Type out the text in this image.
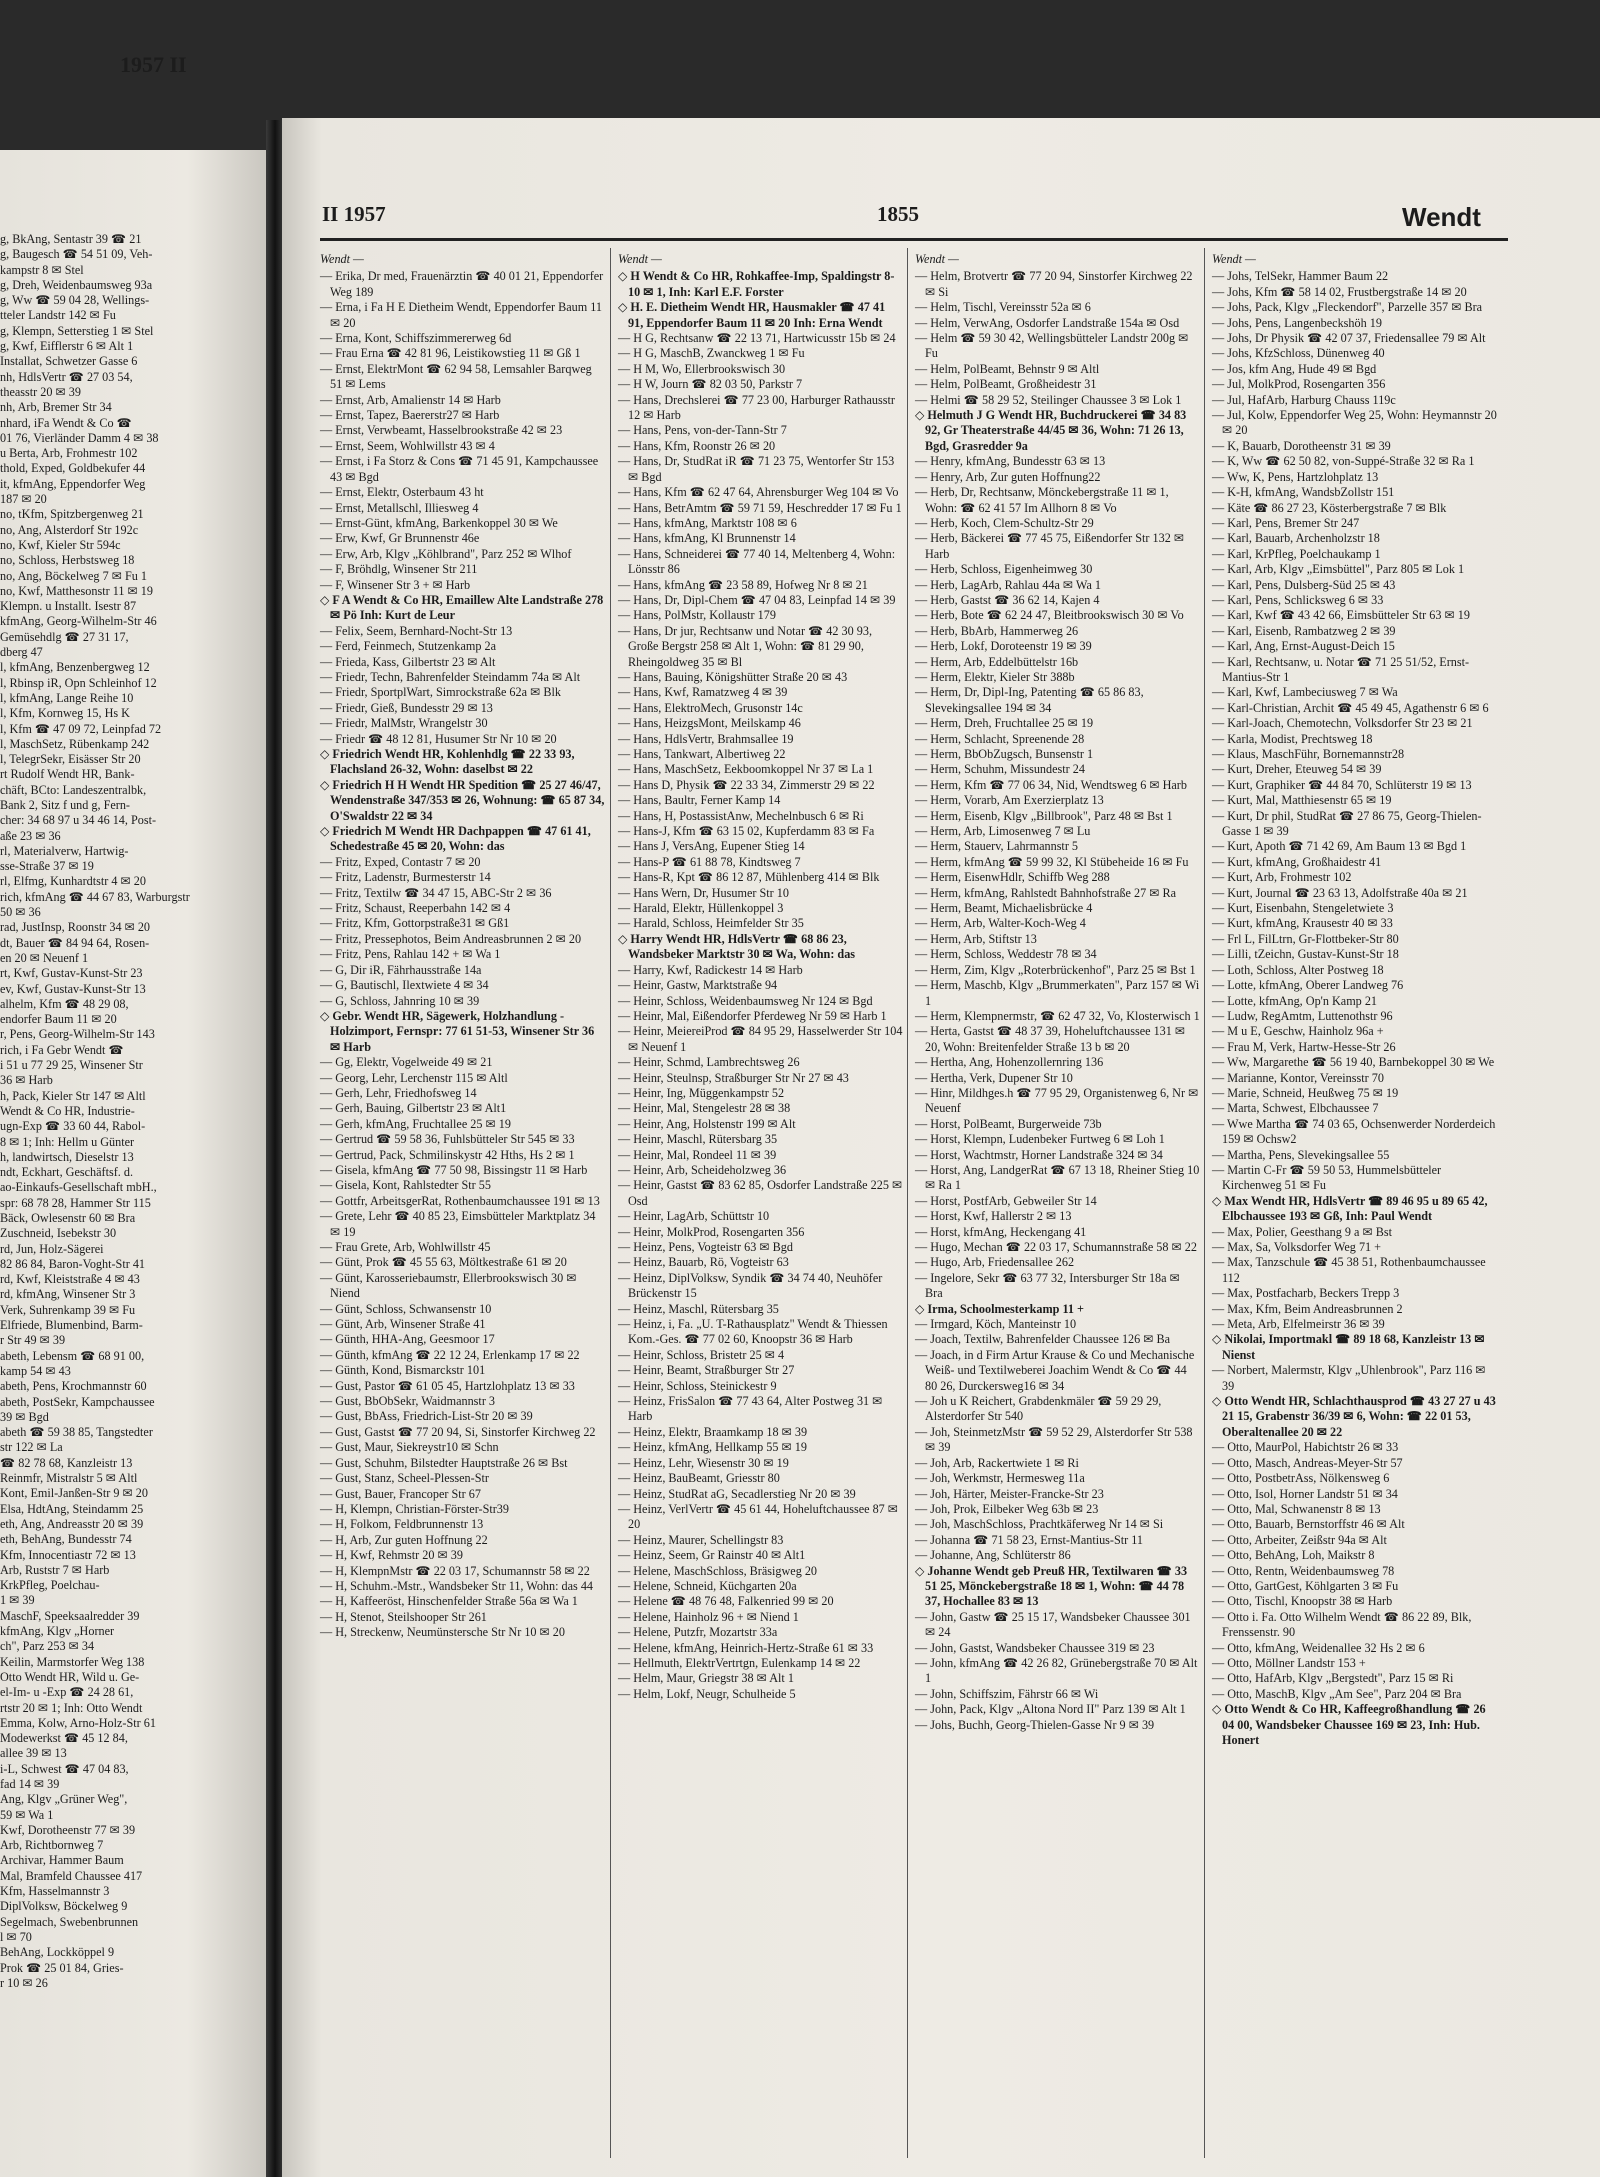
1957 II
g, BkAng, Sentastr 39 ☎ 21
g, Baugesch ☎ 54 51 09, Veh-
kampstr 8 ✉ Stel
g, Dreh, Weidenbaumsweg 93a
g, Ww ☎ 59 04 28, Wellings-
tteler Landstr 142 ✉ Fu
g, Klempn, Setterstieg 1 ✉ Stel
g, Kwf, Eifflerstr 6 ✉ Alt 1
Installat, Schwetzer Gasse 6
nh, HdlsVertr ☎ 27 03 54,
theasstr 20 ✉ 39
nh, Arb, Bremer Str 34
nhard, iFa Wendt & Co ☎
01 76, Vierländer Damm 4 ✉ 38
u Berta, Arb, Frohmestr 102
thold, Exped, Goldbekufer 44
it, kfmAng, Eppendorfer Weg
187 ✉ 20
no, tKfm, Spitzbergenweg 21
no, Ang, Alsterdorf Str 192c
no, Kwf, Kieler Str 594c
no, Schloss, Herbstsweg 18
no, Ang, Böckelweg 7 ✉ Fu 1
no, Kwf, Matthesonstr 11 ✉ 19
Klempn. u Installt. Isestr 87
kfmAng, Georg-Wilhelm-Str 46
Gemüsehdlg ☎ 27 31 17,
dberg 47
l, kfmAng, Benzenbergweg 12
l, Rbinsp iR, Opn Schleinhof 12
l, kfmAng, Lange Reihe 10
l, Kfm, Kornweg 15, Hs K
l, Kfm ☎ 47 09 72, Leinpfad 72
l, MaschSetz, Rübenkamp 242
l, TelegrSekr, Eisässer Str 20
rt Rudolf Wendt HR, Bank-
chäft, BCto: Landeszentralbk,
Bank 2, Sitz f und g, Fern-
cher: 34 68 97 u 34 46 14, Post-
aße 23 ✉ 36
rl, Materialverw, Hartwig-
sse-Straße 37 ✉ 19
rl, Elfmg, Kunhardtstr 4 ✉ 20
rich, kfmAng ☎ 44 67 83, Warburgstr
50 ✉ 36
rad, JustInsp, Roonstr 34 ✉ 20
dt, Bauer ☎ 84 94 64, Rosen-
en 20 ✉ Neuenf 1
rt, Kwf, Gustav-Kunst-Str 23
ev, Kwf, Gustav-Kunst-Str 13
alhelm, Kfm ☎ 48 29 08,
endorfer Baum 11 ✉ 20
r, Pens, Georg-Wilhelm-Str 143
rich, i Fa Gebr Wendt ☎
i 51 u 77 29 25, Winsener Str
36 ✉ Harb
h, Pack, Kieler Str 147 ✉ Altl
Wendt & Co HR, Industrie-
ugn-Exp ☎ 33 60 44, Rabol-
8 ✉ 1; Inh: Hellm u Günter
h, landwirtsch, Dieselstr 13
ndt, Eckhart, Geschäftsf. d.
ao-Einkaufs-Gesellschaft mbH.,
spr: 68 78 28, Hammer Str 115
Bäck, Owlesenstr 60 ✉ Bra
Zuschneid, Isebekstr 30
rd, Jun, Holz-Sägerei
82 86 84, Baron-Voght-Str 41
rd, Kwf, Kleiststraße 4 ✉ 43
rd, kfmAng, Winsener Str 3
Verk, Suhrenkamp 39 ✉ Fu
Elfriede, Blumenbind, Barm-
r Str 49 ✉ 39
abeth, Lebensm ☎ 68 91 00,
kamp 54 ✉ 43
abeth, Pens, Krochmannstr 60
abeth, PostSekr, Kampchaussee
39 ✉ Bgd
abeth ☎ 59 38 85, Tangstedter
str 122 ✉ La
☎ 82 78 68, Kanzleistr 13
Reinmfr, Mistralstr 5 ✉ Altl
Kont, Emil-Janßen-Str 9 ✉ 20
Elsa, HdtAng, Steindamm 25
eth, Ang, Andreasstr 20 ✉ 39
eth, BehAng, Bundesstr 74
Kfm, Innocentiastr 72 ✉ 13
Arb, Ruststr 7 ✉ Harb
KrkPfleg, Poelchau-
1 ✉ 39
MaschF, Speeksaalredder 39
kfmAng, Klgv „Horner
ch", Parz 253 ✉ 34
Keilin, Marmstorfer Weg 138
Otto Wendt HR, Wild u. Ge-
el-Im- u -Exp ☎ 24 28 61,
rtstr 20 ✉ 1; Inh: Otto Wendt
Emma, Kolw, Arno-Holz-Str 61
Modewerkst ☎ 45 12 84,
allee 39 ✉ 13
i-L, Schwest ☎ 47 04 83,
fad 14 ✉ 39
Ang, Klgv „Grüner Weg",
59 ✉ Wa 1
Kwf, Dorotheenstr 77 ✉ 39
Arb, Richtbornweg 7
Archivar, Hammer Baum
Mal, Bramfeld Chaussee 417
Kfm, Hasselmannstr 3
DiplVolksw, Böckelweg 9
Segelmach, Swebenbrunnen
l ✉ 70
BehAng, Lockköppel 9
Prok ☎ 25 01 84, Gries-
r 10 ✉ 26
II 1957	1855	Wendt
Wendt —
— Erika, Dr med, Frauenärztin ☎ 40 01 21, Eppendorfer Weg 189
— Erna, i Fa H E Dietheim Wendt, Eppendorfer Baum 11 ✉ 20
— Erna, Kont, Schiffszimmererweg 6d
— Frau Erna ☎ 42 81 96, Leistikowstieg 11 ✉ Gß 1
— Ernst, ElektrMont ☎ 62 94 58, Lemsahler Barqweg 51 ✉ Lems
— Ernst, Arb, Amalienstr 14 ✉ Harb
— Ernst, Tapez, Baererstr27 ✉ Harb
— Ernst, Verwbeamt, Hasselbrookstraße 42 ✉ 23
— Ernst, Seem, Wohlwillstr 43 ✉ 4
— Ernst, i Fa Storz & Cons ☎ 71 45 91, Kampchaussee 43 ✉ Bgd
— Ernst, Elektr, Osterbaum 43 ht
— Ernst, Metallschl, Illiesweg 4
— Ernst-Günt, kfmAng, Barkenkoppel 30 ✉ We
— Erw, Kwf, Gr Brunnenstr 46e
— Erw, Arb, Klgv „Köhlbrand", Parz 252 ✉ Wlhof
— F, Bröhdlg, Winsener Str 211
— F, Winsener Str 3 + ✉ Harb
◇ F A Wendt & Co HR, Emaillew Alte Landstraße 278 ✉ Pö Inh: Kurt de Leur
— Felix, Seem, Bernhard-Nocht-Str 13
— Ferd, Feinmech, Stutzenkamp 2a
— Frieda, Kass, Gilbertstr 23 ✉ Alt
— Friedr, Techn, Bahrenfelder Steindamm 74a ✉ Alt
— Friedr, SportplWart, Simrockstraße 62a ✉ Blk
— Friedr, Gieß, Bundesstr 29 ✉ 13
— Friedr, MalMstr, Wrangelstr 30
— Friedr ☎ 48 12 81, Husumer Str Nr 10 ✉ 20
◇ Friedrich Wendt HR, Kohlenhdlg ☎ 22 33 93, Flachsland 26-32, Wohn: daselbst ✉ 22
◇ Friedrich H H Wendt HR Spedition ☎ 25 27 46/47, Wendenstraße 347/353 ✉ 26, Wohnung: ☎ 65 87 34, O'Swaldstr 22 ✉ 34
◇ Friedrich M Wendt HR Dachpappen ☎ 47 61 41, Schedestraße 45 ✉ 20, Wohn: das
— Fritz, Exped, Contastr 7 ✉ 20
— Fritz, Ladenstr, Burmesterstr 14
— Fritz, Textilw ☎ 34 47 15, ABC-Str 2 ✉ 36
— Fritz, Schaust, Reeperbahn 142 ✉ 4
— Fritz, Kfm, Gottorpstraße31 ✉ Gß1
— Fritz, Pressephotos, Beim Andreasbrunnen 2 ✉ 20
— Fritz, Pens, Rahlau 142 + ✉ Wa 1
— G, Dir iR, Fährhausstraße 14a
— G, Bautischl, Ilextwiete 4 ✉ 34
— G, Schloss, Jahnring 10 ✉ 39
◇ Gebr. Wendt HR, Sägewerk, Holzhandlung - Holzimport, Fernspr: 77 61 51-53, Winsener Str 36 ✉ Harb
— Gg, Elektr, Vogelweide 49 ✉ 21
— Georg, Lehr, Lerchenstr 115 ✉ Altl
— Gerh, Lehr, Friedhofsweg 14
— Gerh, Bauing, Gilbertstr 23 ✉ Alt1
— Gerh, kfmAng, Fruchtallee 25 ✉ 19
— Gertrud ☎ 59 58 36, Fuhlsbütteler Str 545 ✉ 33
— Gertrud, Pack, Schmilinskystr 42 Hths, Hs 2 ✉ 1
— Gisela, kfmAng ☎ 77 50 98, Bissingstr 11 ✉ Harb
— Gisela, Kont, Rahlstedter Str 55
— Gottfr, ArbeitsgerRat, Rothenbaumchaussee 191 ✉ 13
— Grete, Lehr ☎ 40 85 23, Eimsbütteler Marktplatz 34 ✉ 19
— Frau Grete, Arb, Wohlwillstr 45
— Günt, Prok ☎ 45 55 63, Möltkestraße 61 ✉ 20
— Günt, Karosseriebaumstr, Ellerbrookswisch 30 ✉ Niend
— Günt, Schloss, Schwansenstr 10
— Günt, Arb, Winsener Straße 41
— Günth, HHA-Ang, Geesmoor 17
— Günth, kfmAng ☎ 22 12 24, Erlenkamp 17 ✉ 22
— Günth, Kond, Bismarckstr 101
— Gust, Pastor ☎ 61 05 45, Hartzlohplatz 13 ✉ 33
— Gust, BbObSekr, Waidmannstr 3
— Gust, BbAss, Friedrich-List-Str 20 ✉ 39
— Gust, Gastst ☎ 77 20 94, Si, Sinstorfer Kirchweg 22
— Gust, Maur, Siekreystr10 ✉ Schn
— Gust, Schuhm, Bilstedter Hauptstraße 26 ✉ Bst
— Gust, Stanz, Scheel-Plessen-Str
— Gust, Bauer, Francoper Str 67
— H, Klempn, Christian-Förster-Str39
— H, Folkom, Feldbrunnenstr 13
— H, Arb, Zur guten Hoffnung 22
— H, Kwf, Rehmstr 20 ✉ 39
— H, KlempnMstr ☎ 22 03 17, Schumannstr 58 ✉ 22
— H, Schuhm.-Mstr., Wandsbeker Str 11, Wohn: das 44
— H, Kaffeeröst, Hinschenfelder Straße 56a ✉ Wa 1
— H, Stenot, Steilshooper Str 261
— H, Streckenw, Neumünstersche Str Nr 10 ✉ 20
Wendt —
◇ H Wendt & Co HR, Rohkaffee-Imp, Spaldingstr 8-10 ✉ 1, Inh: Karl E.F. Forster
◇ H. E. Dietheim Wendt HR, Hausmakler ☎ 47 41 91, Eppendorfer Baum 11 ✉ 20 Inh: Erna Wendt
— H G, Rechtsanw ☎ 22 13 71, Hartwicusstr 15b ✉ 24
— H G, MaschB, Zwanckweg 1 ✉ Fu
— H M, Wo, Ellerbrookswisch 30
— H W, Journ ☎ 82 03 50, Parkstr 7
— Hans, Drechslerei ☎ 77 23 00, Harburger Rathausstr 12 ✉ Harb
— Hans, Pens, von-der-Tann-Str 7
— Hans, Kfm, Roonstr 26 ✉ 20
— Hans, Dr, StudRat iR ☎ 71 23 75, Wentorfer Str 153 ✉ Bgd
— Hans, Kfm ☎ 62 47 64, Ahrensburger Weg 104 ✉ Vo
— Hans, BetrAmtm ☎ 59 71 59, Heschredder 17 ✉ Fu 1
— Hans, kfmAng, Marktstr 108 ✉ 6
— Hans, kfmAng, Kl Brunnenstr 14
— Hans, Schneiderei ☎ 77 40 14, Meltenberg 4, Wohn: Lönsstr 86
— Hans, kfmAng ☎ 23 58 89, Hofweg Nr 8 ✉ 21
— Hans, Dr, Dipl-Chem ☎ 47 04 83, Leinpfad 14 ✉ 39
— Hans, PolMstr, Kollaustr 179
— Hans, Dr jur, Rechtsanw und Notar ☎ 42 30 93, Große Bergstr 258 ✉ Alt 1, Wohn: ☎ 81 29 90, Rheingoldweg 35 ✉ Bl
— Hans, Bauing, Königshütter Straße 20 ✉ 43
— Hans, Kwf, Ramatzweg 4 ✉ 39
— Hans, ElektroMech, Grusonstr 14c
— Hans, HeizgsMont, Meilskamp 46
— Hans, HdlsVertr, Brahmsallee 19
— Hans, Tankwart, Albertiweg 22
— Hans, MaschSetz, Eekboomkoppel Nr 37 ✉ La 1
— Hans D, Physik ☎ 22 33 34, Zimmerstr 29 ✉ 22
— Hans, Baultr, Ferner Kamp 14
— Hans, H, PostassistAnw, Mechelnbusch 6 ✉ Ri
— Hans-J, Kfm ☎ 63 15 02, Kupferdamm 83 ✉ Fa
— Hans J, VersAng, Eupener Stieg 14
— Hans-P ☎ 61 88 78, Kindtsweg 7
— Hans-R, Kpt ☎ 86 12 87, Mühlenberg 414 ✉ Blk
— Hans Wern, Dr, Husumer Str 10
— Harald, Elektr, Hüllenkoppel 3
— Harald, Schloss, Heimfelder Str 35
◇ Harry Wendt HR, HdlsVertr ☎ 68 86 23, Wandsbeker Marktstr 30 ✉ Wa, Wohn: das
— Harry, Kwf, Radickestr 14 ✉ Harb
— Heinr, Gastw, Marktstraße 94
— Heinr, Schloss, Weidenbaumsweg Nr 124 ✉ Bgd
— Heinr, Mal, Eißendorfer Pferdeweg Nr 59 ✉ Harb 1
— Heinr, MeiereiProd ☎ 84 95 29, Hasselwerder Str 104 ✉ Neuenf 1
— Heinr, Schmd, Lambrechtsweg 26
— Heinr, Steulnsp, Straßburger Str Nr 27 ✉ 43
— Heinr, Ing, Müggenkampstr 52
— Heinr, Mal, Stengelestr 28 ✉ 38
— Heinr, Ang, Holstenstr 199 ✉ Alt
— Heinr, Maschl, Rütersbarg 35
— Heinr, Mal, Rondeel 11 ✉ 39
— Heinr, Arb, Scheideholzweg 36
— Heinr, Gastst ☎ 83 62 85, Osdorfer Landstraße 225 ✉ Osd
— Heinr, LagArb, Schüttstr 10
— Heinr, MolkProd, Rosengarten 356
— Heinz, Pens, Vogteistr 63 ✉ Bgd
— Heinz, Bauarb, Rö, Vogteistr 63
— Heinz, DiplVolksw, Syndik ☎ 34 74 40, Neuhöfer Brückenstr 15
— Heinz, Maschl, Rütersbarg 35
— Heinz, i, Fa. „U. T-Rathausplatz" Wendt & Thiessen Kom.-Ges. ☎ 77 02 60, Knoopstr 36 ✉ Harb
— Heinr, Schloss, Bristetr 25 ✉ 4
— Heinr, Beamt, Straßburger Str 27
— Heinr, Schloss, Steinickestr 9
— Heinz, FrisSalon ☎ 77 43 64, Alter Postweg 31 ✉ Harb
— Heinz, Elektr, Braamkamp 18 ✉ 39
— Heinz, kfmAng, Hellkamp 55 ✉ 19
— Heinz, Lehr, Wiesenstr 30 ✉ 19
— Heinz, BauBeamt, Griesstr 80
— Heinz, StudRat aG, Secadlerstieg Nr 20 ✉ 39
— Heinz, VerlVertr ☎ 45 61 44, Hoheluftchaussee 87 ✉ 20
— Heinz, Maurer, Schellingstr 83
— Heinz, Seem, Gr Rainstr 40 ✉ Alt1
— Helene, MaschSchloss, Bräsigweg 20
— Helene, Schneid, Küchgarten 20a
— Helene ☎ 48 76 48, Falkenried 99 ✉ 20
— Helene, Hainholz 96 + ✉ Niend 1
— Helene, Putzfr, Mozartstr 33a
— Helene, kfmAng, Heinrich-Hertz-Straße 61 ✉ 33
— Hellmuth, ElektrVertrtgn, Eulenkamp 14 ✉ 22
— Helm, Maur, Griegstr 38 ✉ Alt 1
— Helm, Lokf, Neugr, Schulheide 5
Wendt —
— Helm, Brotvertr ☎ 77 20 94, Sinstorfer Kirchweg 22 ✉ Si
— Helm, Tischl, Vereinsstr 52a ✉ 6
— Helm, VerwAng, Osdorfer Landstraße 154a ✉ Osd
— Helm ☎ 59 30 42, Wellingsbütteler Landstr 200g ✉ Fu
— Helm, PolBeamt, Behnstr 9 ✉ Altl
— Helm, PolBeamt, Großheidestr 31
— Helmi ☎ 58 29 52, Steilinger Chaussee 3 ✉ Lok 1
◇ Helmuth J G Wendt HR, Buchdruckerei ☎ 34 83 92, Gr Theaterstraße 44/45 ✉ 36, Wohn: 71 26 13, Bgd, Grasredder 9a
— Henry, kfmAng, Bundesstr 63 ✉ 13
— Henry, Arb, Zur guten Hoffnung22
— Herb, Dr, Rechtsanw, Mönckebergstraße 11 ✉ 1, Wohn: ☎ 62 41 57 Im Allhorn 8 ✉ Vo
— Herb, Koch, Clem-Schultz-Str 29
— Herb, Bäckerei ☎ 77 45 75, Eißendorfer Str 132 ✉ Harb
— Herb, Schloss, Eigenheimweg 30
— Herb, LagArb, Rahlau 44a ✉ Wa 1
— Herb, Gastst ☎ 36 62 14, Kajen 4
— Herb, Bote ☎ 62 24 47, Bleitbrookswisch 30 ✉ Vo
— Herb, BbArb, Hammerweg 26
— Herb, Lokf, Doroteenstr 19 ✉ 39
— Herm, Arb, Eddelbüttelstr 16b
— Herm, Elektr, Kieler Str 388b
— Herm, Dr, Dipl-Ing, Patenting ☎ 65 86 83, Slevekingsallee 194 ✉ 34
— Herm, Dreh, Fruchtallee 25 ✉ 19
— Herm, Schlacht, Spreenende 28
— Herm, BbObZugsch, Bunsenstr 1
— Herm, Schuhm, Missundestr 24
— Herm, Kfm ☎ 77 06 34, Nid, Wendtsweg 6 ✉ Harb
— Herm, Vorarb, Am Exerzierplatz 13
— Herm, Eisenb, Klgv „Billbrook", Parz 48 ✉ Bst 1
— Herm, Arb, Limosenweg 7 ✉ Lu
— Herm, Stauerv, Lahrmannstr 5
— Herm, kfmAng ☎ 59 99 32, Kl Stübeheide 16 ✉ Fu
— Herm, EisenwHdlr, Schiffb Weg 288
— Herm, kfmAng, Rahlstedt Bahnhofstraße 27 ✉ Ra
— Herm, Beamt, Michaelisbrücke 4
— Herm, Arb, Walter-Koch-Weg 4
— Herm, Arb, Stiftstr 13
— Herm, Schloss, Weddestr 78 ✉ 34
— Herm, Zim, Klgv „Roterbrückenhof", Parz 25 ✉ Bst 1
— Herm, Maschb, Klgv „Brummerkaten", Parz 157 ✉ Wi 1
— Herm, Klempnermstr, ☎ 62 47 32, Vo, Klosterwisch 1
— Herta, Gastst ☎ 48 37 39, Hoheluftchaussee 131 ✉ 20, Wohn: Breitenfelder Straße 13 b ✉ 20
— Hertha, Ang, Hohenzollernring 136
— Hertha, Verk, Dupener Str 10
— Hinr, Mildhges.h ☎ 77 95 29, Organistenweg 6, Nr ✉ Neuenf
— Horst, PolBeamt, Burgerweide 73b
— Horst, Klempn, Ludenbeker Furtweg 6 ✉ Loh 1
— Horst, Wachtmstr, Horner Landstraße 324 ✉ 34
— Horst, Ang, LandgerRat ☎ 67 13 18, Rheiner Stieg 10 ✉ Ra 1
— Horst, PostfArb, Gebweiler Str 14
— Horst, Kwf, Hallerstr 2 ✉ 13
— Horst, kfmAng, Heckengang 41
— Hugo, Mechan ☎ 22 03 17, Schumannstraße 58 ✉ 22
— Hugo, Arb, Friedensallee 262
— Ingelore, Sekr ☎ 63 77 32, Intersburger Str 18a ✉ Bra
◇ Irma, Schoolmesterkamp 11 +
— Irmgard, Köch, Manteinstr 10
— Joach, Textilw, Bahrenfelder Chaussee 126 ✉ Ba
— Joach, in d Firm Artur Krause & Co und Mechanische Weiß- und Textilweberei Joachim Wendt & Co ☎ 44 80 26, Durckersweg16 ✉ 34
— Joh u K Reichert, Grabdenkmäler ☎ 59 29 29, Alsterdorfer Str 540
— Joh, SteinmetzMstr ☎ 59 52 29, Alsterdorfer Str 538 ✉ 39
— Joh, Arb, Rackertwiete 1 ✉ Ri
— Joh, Werkmstr, Hermesweg 11a
— Joh, Härter, Meister-Francke-Str 23
— Joh, Prok, Eilbeker Weg 63b ✉ 23
— Joh, MaschSchloss, Prachtkäferweg Nr 14 ✉ Si
— Johanna ☎ 71 58 23, Ernst-Mantius-Str 11
— Johanne, Ang, Schlüterstr 86
◇ Johanne Wendt geb Preuß HR, Textilwaren ☎ 33 51 25, Mönckebergstraße 18 ✉ 1, Wohn: ☎ 44 78 37, Hochallee 83 ✉ 13
— John, Gastw ☎ 25 15 17, Wandsbeker Chaussee 301 ✉ 24
— John, Gastst, Wandsbeker Chaussee 319 ✉ 23
— John, kfmAng ☎ 42 26 82, Grünebergstraße 70 ✉ Alt 1
— John, Schiffszim, Fährstr 66 ✉ Wi
— John, Pack, Klgv „Altona Nord II" Parz 139 ✉ Alt 1
— Johs, Buchh, Georg-Thielen-Gasse Nr 9 ✉ 39
Wendt —
— Johs, TelSekr, Hammer Baum 22
— Johs, Kfm ☎ 58 14 02, Frustbergstraße 14 ✉ 20
— Johs, Pack, Klgv „Fleckendorf", Parzelle 357 ✉ Bra
— Johs, Pens, Langenbeckshöh 19
— Johs, Dr Physik ☎ 42 07 37, Friedensallee 79 ✉ Alt
— Johs, KfzSchloss, Dünenweg 40
— Jos, kfm Ang, Hude 49 ✉ Bgd
— Jul, MolkProd, Rosengarten 356
— Jul, HafArb, Harburg Chauss 119c
— Jul, Kolw, Eppendorfer Weg 25, Wohn: Heymannstr 20 ✉ 20
— K, Bauarb, Dorotheenstr 31 ✉ 39
— K, Ww ☎ 62 50 82, von-Suppé-Straße 32 ✉ Ra 1
— Ww, K, Pens, Hartzlohplatz 13
— K-H, kfmAng, WandsbZollstr 151
— Käte ☎ 86 27 23, Kösterbergstraße 7 ✉ Blk
— Karl, Pens, Bremer Str 247
— Karl, Bauarb, Archenholzstr 18
— Karl, KrPfleg, Poelchaukamp 1
— Karl, Arb, Klgv „Eimsbüttel", Parz 805 ✉ Lok 1
— Karl, Pens, Dulsberg-Süd 25 ✉ 43
— Karl, Pens, Schlicksweg 6 ✉ 33
— Karl, Kwf ☎ 43 42 66, Eimsbütteler Str 63 ✉ 19
— Karl, Eisenb, Rambatzweg 2 ✉ 39
— Karl, Ang, Ernst-August-Deich 15
— Karl, Rechtsanw, u. Notar ☎ 71 25 51/52, Ernst-Mantius-Str 1
— Karl, Kwf, Lambeciusweg 7 ✉ Wa
— Karl-Christian, Archit ☎ 45 49 45, Agathenstr 6 ✉ 6
— Karl-Joach, Chemotechn, Volksdorfer Str 23 ✉ 21
— Karla, Modist, Prechtsweg 18
— Klaus, MaschFühr, Bornemannstr28
— Kurt, Dreher, Eteuweg 54 ✉ 39
— Kurt, Graphiker ☎ 44 84 70, Schlüterstr 19 ✉ 13
— Kurt, Mal, Matthiesenstr 65 ✉ 19
— Kurt, Dr phil, StudRat ☎ 27 86 75, Georg-Thielen-Gasse 1 ✉ 39
— Kurt, Apoth ☎ 71 42 69, Am Baum 13 ✉ Bgd 1
— Kurt, kfmAng, Großhaidestr 41
— Kurt, Arb, Frohmestr 102
— Kurt, Journal ☎ 23 63 13, Adolfstraße 40a ✉ 21
— Kurt, Eisenbahn, Stengeletwiete 3
— Kurt, kfmAng, Krausestr 40 ✉ 33
— Frl L, FilLtrn, Gr-Flottbeker-Str 80
— Lilli, tZeichn, Gustav-Kunst-Str 18
— Loth, Schloss, Alter Postweg 18
— Lotte, kfmAng, Oberer Landweg 76
— Lotte, kfmAng, Op'n Kamp 21
— Ludw, RegAmtm, Luttenothstr 96
— M u E, Geschw, Hainholz 96a +
— Frau M, Verk, Hartw-Hesse-Str 26
— Ww, Margarethe ☎ 56 19 40, Barnbekoppel 30 ✉ We
— Marianne, Kontor, Vereinsstr 70
— Marie, Schneid, Heußweg 75 ✉ 19
— Marta, Schwest, Elbchaussee 7
— Wwe Martha ☎ 74 03 65, Ochsenwerder Norderdeich 159 ✉ Ochsw2
— Martha, Pens, Slevekingsallee 55
— Martin C-Fr ☎ 59 50 53, Hummelsbütteler Kirchenweg 51 ✉ Fu
◇ Max Wendt HR, HdlsVertr ☎ 89 46 95 u 89 65 42, Elbchaussee 193 ✉ Gß, Inh: Paul Wendt
— Max, Polier, Geesthang 9 a ✉ Bst
— Max, Sa, Volksdorfer Weg 71 +
— Max, Tanzschule ☎ 45 38 51, Rothenbaumchaussee 112
— Max, Postfacharb, Beckers Trepp 3
— Max, Kfm, Beim Andreasbrunnen 2
— Meta, Arb, Elfelmeirstr 36 ✉ 39
◇ Nikolai, Importmakl ☎ 89 18 68, Kanzleistr 13 ✉ Nienst
— Norbert, Malermstr, Klgv „Uhlenbrook", Parz 116 ✉ 39
◇ Otto Wendt HR, Schlachthausprod ☎ 43 27 27 u 43 21 15, Grabenstr 36/39 ✉ 6, Wohn: ☎ 22 01 53, Oberaltenallee 20 ✉ 22
— Otto, MaurPol, Habichtstr 26 ✉ 33
— Otto, Masch, Andreas-Meyer-Str 57
— Otto, PostbetrAss, Nölkensweg 6
— Otto, Isol, Horner Landstr 51 ✉ 34
— Otto, Mal, Schwanenstr 8 ✉ 13
— Otto, Bauarb, Bernstorffstr 46 ✉ Alt
— Otto, Arbeiter, Zeißstr 94a ✉ Alt
— Otto, BehAng, Loh, Maikstr 8
— Otto, Rentn, Weidenbaumsweg 78
— Otto, GartGest, Köhlgarten 3 ✉ Fu
— Otto, Tischl, Knoopstr 38 ✉ Harb
— Otto i. Fa. Otto Wilhelm Wendt ☎ 86 22 89, Blk, Frenssenstr. 90
— Otto, kfmAng, Weidenallee 32 Hs 2 ✉ 6
— Otto, Möllner Landstr 153 +
— Otto, HafArb, Klgv „Bergstedt", Parz 15 ✉ Ri
— Otto, MaschB, Klgv „Am See", Parz 204 ✉ Bra
◇ Otto Wendt & Co HR, Kaffeegroßhandlung ☎ 26 04 00, Wandsbeker Chaussee 169 ✉ 23, Inh: Hub. Honert
